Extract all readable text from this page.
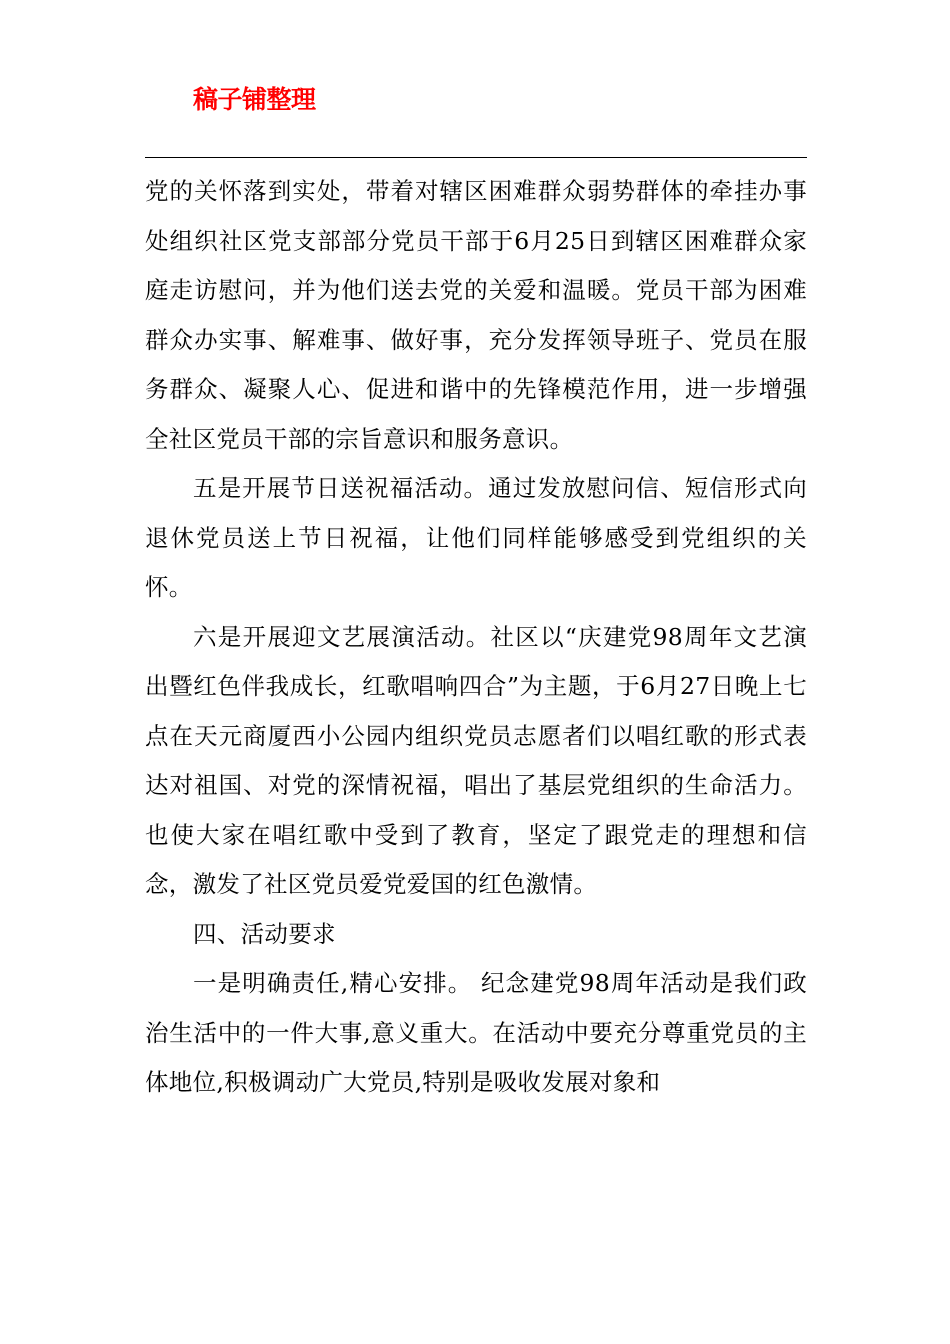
稿子铺整理

党的关怀落到实处，带着对辖区困难群众弱势群体的牵挂办事处组织社区党支部部分党员干部于6月25日到辖区困难群众家庭走访慰问，并为他们送去党的关爱和温暖。党员干部为困难群众办实事、解难事、做好事，充分发挥领导班子、党员在服务群众、凝聚人心、促进和谐中的先锋模范作用，进一步增强全社区党员干部的宗旨意识和服务意识。

五是开展节日送祝福活动。通过发放慰问信、短信形式向退休党员送上节日祝福，让他们同样能够感受到党组织的关怀。

六是开展迎文艺展演活动。社区以“庆建党98周年文艺演出暨红色伴我成长，红歌唱响四合”为主题，于6月27日晚上七点在天元商厦西小公园内组织党员志愿者们以唱红歌的形式表达对祖国、对党的深情祝福，唱出了基层党组织的生命活力。也使大家在唱红歌中受到了教育，坚定了跟党走的理想和信念，激发了社区党员爱党爱国的红色激情。

四、活动要求

一是明确责任,精心安排。 纪念建党98周年活动是我们政治生活中的一件大事,意义重大。在活动中要充分尊重党员的主体地位,积极调动广大党员,特别是吸收发展对象和
